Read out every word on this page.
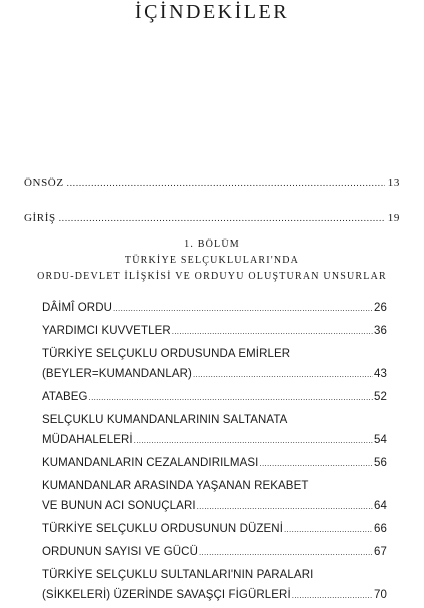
İÇİNDEKİLER
ÖNSÖZ .....	13
GİRİŞ .....	19
1. BÖLÜM
TÜRKİYE SELÇUKLULARI'NDA
ORDU-DEVLET İLİŞKİSİ VE ORDUYU OLUŞTURAN UNSURLAR
DÂİMÎ ORDU .....	26
YARDIMCI KUVVETLER .....	36
TÜRKİYE SELÇUKLU ORDUSUNDA EMİRLER
(BEYLER=KUMANDANLAR) .....	43
ATABEG .....	52
SELÇUKLU KUMANDANLARININ SALTANATA
MÜDAHALELERİ .....	54
KUMANDANLARIN CEZALANDIRILMASI .....	56
KUMANDANLAR ARASINDA YAŞANAN REKABET
VE BUNUN ACI SONUÇLARI .....	64
TÜRKİYE SELÇUKLU ORDUSUNUN DÜZENİ .....	66
ORDUNUN SAYISI VE GÜCÜ .....	67
TÜRKİYE SELÇUKLU SULTANLARI'NIN PARALARI
(SİKKELERİ) ÜZERİNDE SAVAŞÇI FİGÜRLERİ .....	70
